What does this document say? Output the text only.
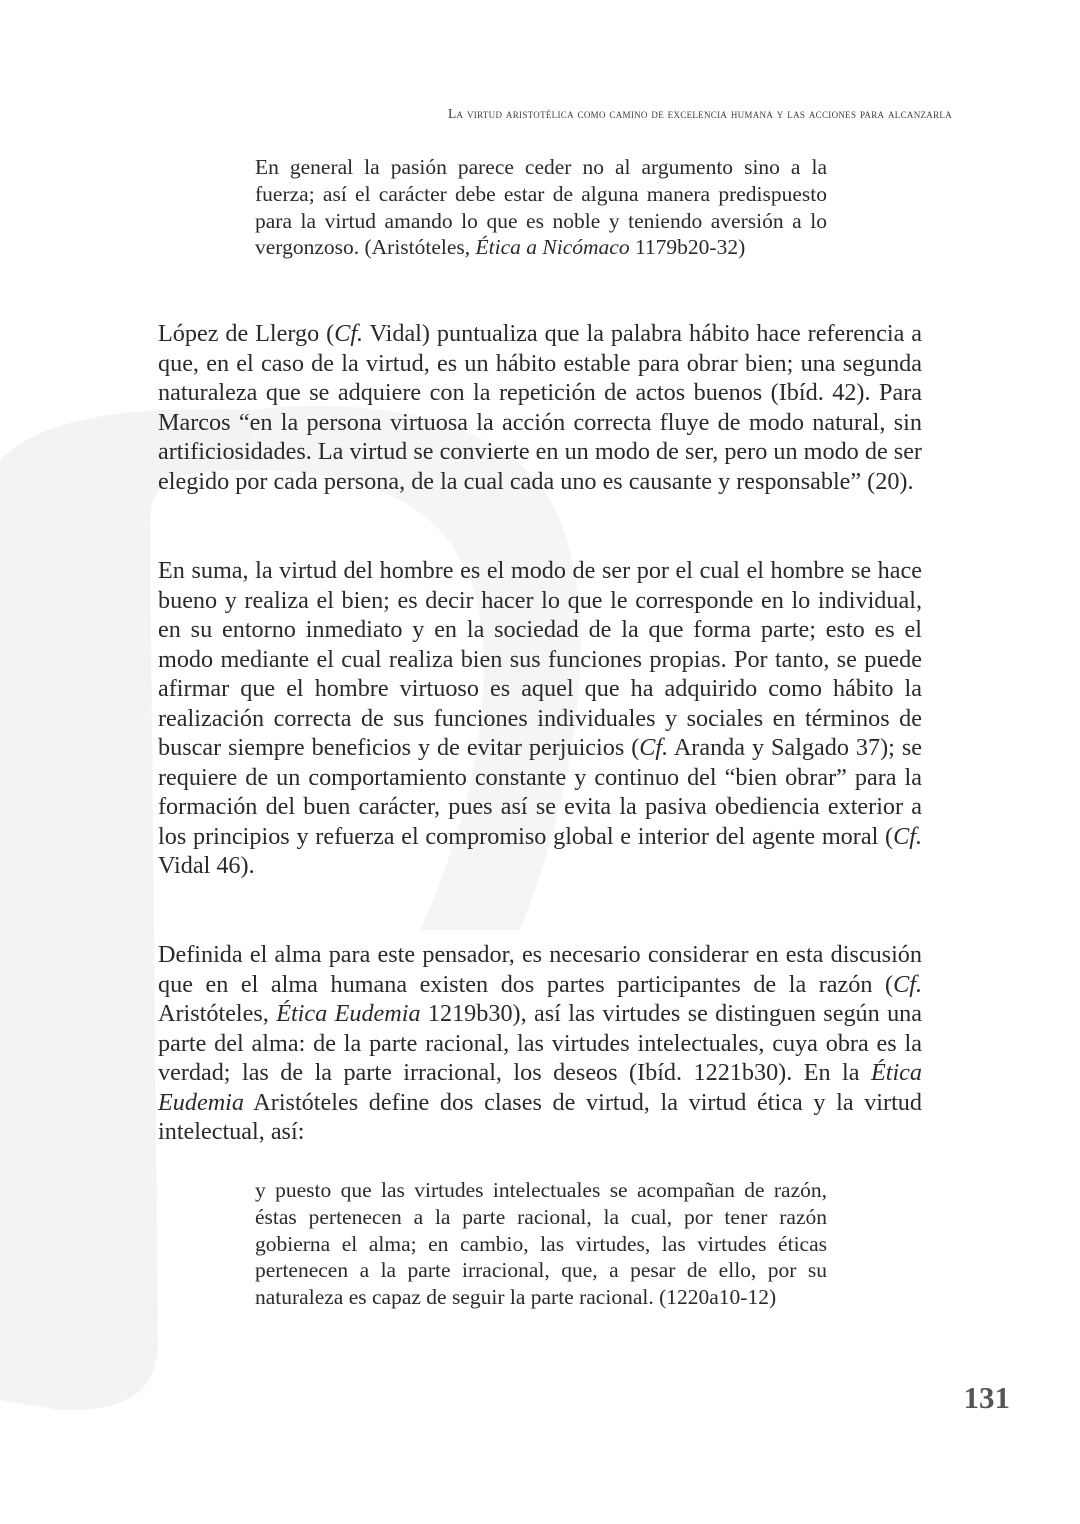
La virtud aristotélica como camino de excelencia humana y las acciones para alcanzarla
En general la pasión parece ceder no al argumento sino a la fuerza; así el carácter debe estar de alguna manera predispuesto para la virtud amando lo que es noble y teniendo aversión a lo vergonzoso. (Aristóteles, Ética a Nicómaco 1179b20-32)

López de Llergo (Cf. Vidal) puntualiza que la palabra hábito hace referencia a que, en el caso de la virtud, es un hábito estable para obrar bien; una segunda naturaleza que se adquiere con la repetición de actos buenos (Ibíd. 42). Para Marcos “en la persona virtuosa la acción correcta fluye de modo natural, sin artificiosidades. La virtud se convierte en un modo de ser, pero un modo de ser elegido por cada persona, de la cual cada uno es causante y responsable” (20).

En suma, la virtud del hombre es el modo de ser por el cual el hombre se hace bueno y realiza el bien; es decir hacer lo que le corresponde en lo individual, en su entorno inmediato y en la sociedad de la que forma parte; esto es el modo mediante el cual realiza bien sus funciones propias. Por tanto, se puede afirmar que el hombre virtuoso es aquel que ha adquirido como hábito la realización correcta de sus funciones individuales y sociales en términos de buscar siempre beneficios y de evitar perjuicios (Cf. Aranda y Salgado 37); se requiere de un comportamiento constante y continuo del “bien obrar” para la formación del buen carácter, pues así se evita la pasiva obediencia exterior a los principios y refuerza el compromiso global e interior del agente moral (Cf. Vidal 46).

Definida el alma para este pensador, es necesario considerar en esta discusión que en el alma humana existen dos partes participantes de la razón (Cf. Aristóteles, Ética Eudemia 1219b30), así las virtudes se distinguen según una parte del alma: de la parte racional, las virtudes intelectuales, cuya obra es la verdad; las de la parte irracional, los deseos (Ibíd. 1221b30). En la Ética Eudemia Aristóteles define dos clases de virtud, la virtud ética y la virtud intelectual, así:

y puesto que las virtudes intelectuales se acompañan de razón, éstas pertenecen a la parte racional, la cual, por tener razón gobierna el alma; en cambio, las virtudes, las virtudes éticas pertenecen a la parte irracional, que, a pesar de ello, por su naturaleza es capaz de seguir la parte racional. (1220a10-12)
131
